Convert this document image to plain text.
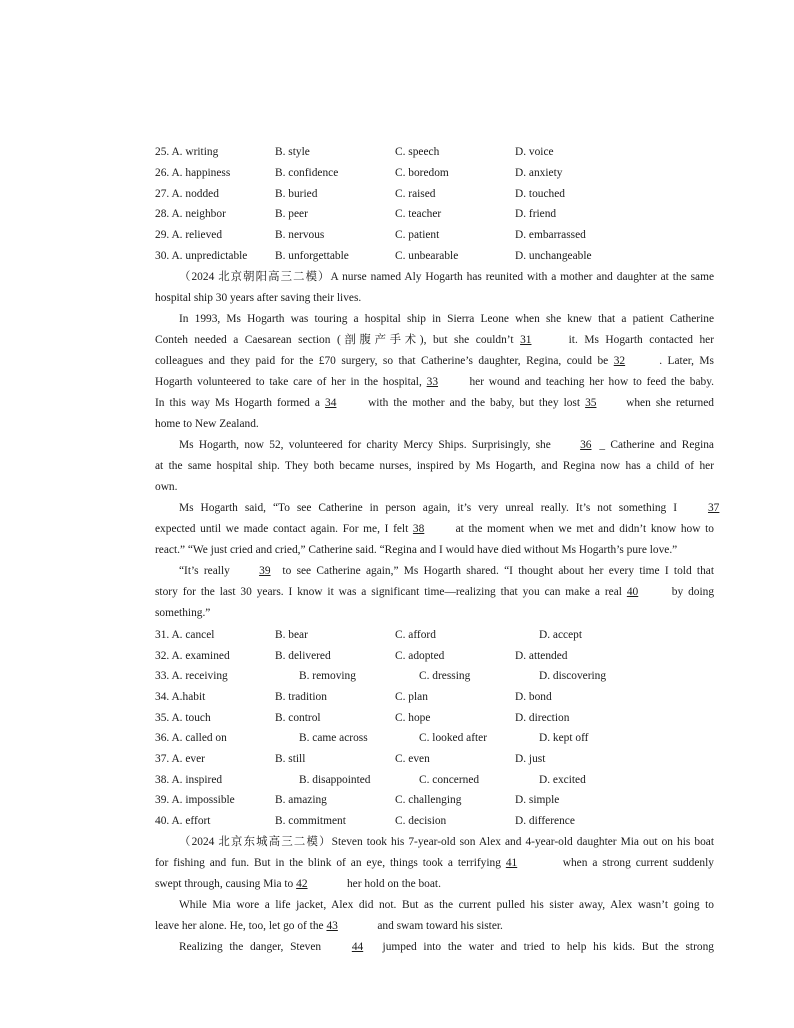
25. A. writing	B. style	C. speech	D. voice
26. A. happiness	B. confidence	C. boredom	D. anxiety
27. A. nodded	B. buried	C. raised	D. touched
28. A. neighbor	B. peer	C. teacher	D. friend
29. A. relieved	B. nervous	C. patient	D. embarrassed
30. A. unpredictable B. unforgettable	C. unbearable	D. unchangeable
（2024 北京朝阳高三二模）A nurse named Aly Hogarth has reunited with a mother and daughter at the same
hospital ship 30 years after saving their lives.
In 1993, Ms Hogarth was touring a hospital ship in Sierra Leone when she knew that a patient Catherine
Conteh needed a Caesarean section (剖腹产手术), but she couldn’t 31	it. Ms Hogarth contacted her
colleagues and they paid for the £70 surgery, so that Catherine’s daughter, Regina, could be 32	. Later, Ms
Hogarth volunteered to take care of her in the hospital, 33	her wound and teaching her how to feed the baby.
In this way Ms Hogarth formed a 34	with the mother and the baby, but they lost 35	when she returned
home to New Zealand.
Ms Hogarth, now 52, volunteered for charity Mercy Ships. Surprisingly, she	36 _ Catherine and Regina
at the same hospital ship. They both became nurses, inspired by Ms Hogarth, and Regina now has a child of her
own.
Ms Hogarth said, “To see Catherine in person again, it’s very unreal really. It’s not something I	37
expected until we made contact again. For me, I felt 38	at the moment when we met and didn’t know how to
react.” “We just cried and cried,” Catherine said. “Regina and I would have died without Ms Hogarth’s pure love.”
“It’s really	39 to see Catherine again,” Ms Hogarth shared. “I thought about her every time I told that
story for the last 30 years. I know it was a significant time—realizing that you can make a real 40	by doing
something.”
31. A. cancel	B. bear	C. afford	D. accept
32. A. examined	B. delivered	C. adopted	D. attended
33. A. receiving	B. removing	C. dressing	D. discovering
34. A.habit	B. tradition	C. plan	D. bond
35. A. touch	B. control	C. hope	D. direction
36. A. called on	B. came across	C. looked after	D. kept off
37. A. ever	B. still	C. even	D. just
38. A. inspired	B. disappointed	C. concerned	D. excited
39. A. impossible	B. amazing	C. challenging	D. simple
40. A. effort	B. commitment	C. decision	D. difference
（2024 北京东城高三二模）Steven took his 7-year-old son Alex and 4-year-old daughter Mia out on his boat
for fishing and fun. But in the blink of an eye, things took a terrifying 41	when a strong current suddenly
swept through, causing Mia to 42	her hold on the boat.
While Mia wore a life jacket, Alex did not. But as the current pulled his sister away, Alex wasn’t going to
leave her alone. He, too, let go of the 43	and swam toward his sister.
Realizing the danger, Steven	44 jumped into the water and tried to help his kids. But the strong
